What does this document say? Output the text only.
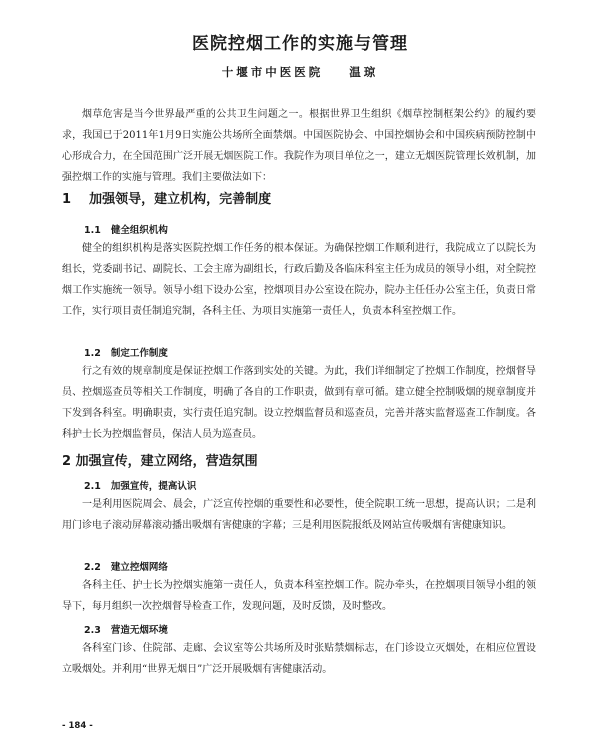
医院控烟工作的实施与管理
十堰市中医医院 温琼
烟草危害是当今世界最严重的公共卫生问题之一。根据世界卫生组织《烟草控制框架公约》的履约要求，我国已于2011年1月9日实施公共场所全面禁烟。中国医院协会、中国控烟协会和中国疾病预防控制中心形成合力，在全国范围广泛开展无烟医院工作。我院作为项目单位之一，建立无烟医院管理长效机制，加强控烟工作的实施与管理。我们主要做法如下：
1 加强领导，建立机构，完善制度
1.1 健全组织机构
健全的组织机构是落实医院控烟工作任务的根本保证。为确保控烟工作顺利进行，我院成立了以院长为组长，党委副书记、副院长、工会主席为副组长，行政后勤及各临床科室主任为成员的领导小组，对全院控烟工作实施统一领导。领导小组下设办公室，控烟项目办公室设在院办，院办主任任办公室主任，负责日常工作，实行项目责任制追究制，各科主任、为项目实施第一责任人，负责本科室控烟工作。
1.2 制定工作制度
行之有效的规章制度是保证控烟工作落到实处的关键。为此，我们详细制定了控烟工作制度，控烟督导员、控烟巡查员等相关工作制度，明确了各自的工作职责，做到有章可循。建立健全控制吸烟的规章制度并下发到各科室。明确职责，实行责任追究制。设立控烟监督员和巡查员，完善并落实监督巡查工作制度。各科护士长为控烟监督员，保洁人员为巡查员。
2 加强宣传，建立网络，营造氛围
2.1 加强宣传，提高认识
一是利用医院周会、晨会，广泛宣传控烟的重要性和必要性，使全院职工统一思想，提高认识；二是利用门诊电子滚动屏幕滚动播出吸烟有害健康的字幕；三是利用医院报纸及网站宣传吸烟有害健康知识。
2.2 建立控烟网络
各科主任、护士长为控烟实施第一责任人，负责本科室控烟工作。院办牵头，在控烟项目领导小组的领导下，每月组织一次控烟督导检查工作，发现问题，及时反馈，及时整改。
2.3 营造无烟环境
各科室门诊、住院部、走廊、会议室等公共场所及时张贴禁烟标志，在门诊设立灭烟处，在相应位置设立吸烟处。并利用“世界无烟日”广泛开展吸烟有害健康活动。
- 184 -
